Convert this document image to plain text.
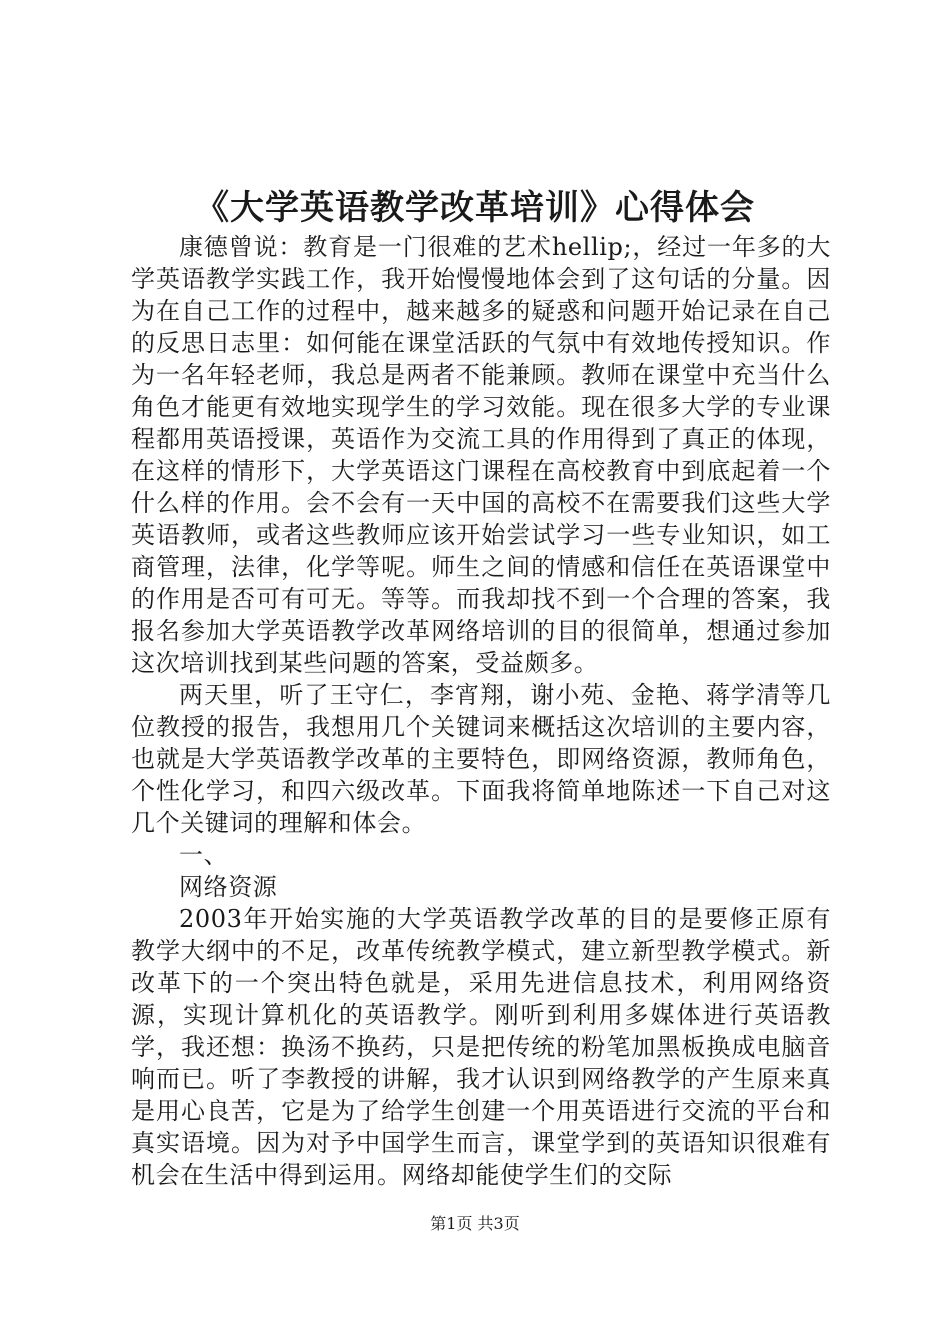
《大学英语教学改革培训》心得体会

康德曾说：教育是一门很难的艺术hellip;，经过一年多的大学英语教学实践工作，我开始慢慢地体会到了这句话的分量。因为在自己工作的过程中，越来越多的疑惑和问题开始记录在自己的反思日志里：如何能在课堂活跃的气氛中有效地传授知识。作为一名年轻老师，我总是两者不能兼顾。教师在课堂中充当什么角色才能更有效地实现学生的学习效能。现在很多大学的专业课程都用英语授课，英语作为交流工具的作用得到了真正的体现，在这样的情形下，大学英语这门课程在高校教育中到底起着一个什么样的作用。会不会有一天中国的高校不在需要我们这些大学英语教师，或者这些教师应该开始尝试学习一些专业知识，如工商管理，法律，化学等呢。师生之间的情感和信任在英语课堂中的作用是否可有可无。等等。而我却找不到一个合理的答案，我报名参加大学英语教学改革网络培训的目的很简单，想通过参加这次培训找到某些问题的答案，受益颇多。

两天里，听了王守仁，李宵翔，谢小苑、金艳、蒋学清等几位教授的报告，我想用几个关键词来概括这次培训的主要内容，也就是大学英语教学改革的主要特色，即网络资源，教师角色，个性化学习，和四六级改革。下面我将简单地陈述一下自己对这几个关键词的理解和体会。

一、

网络资源

2003年开始实施的大学英语教学改革的目的是要修正原有教学大纲中的不足，改革传统教学模式，建立新型教学模式。新改革下的一个突出特色就是，采用先进信息技术，利用网络资源，实现计算机化的英语教学。刚听到利用多媒体进行英语教学，我还想：换汤不换药，只是把传统的粉笔加黑板换成电脑音响而已。听了李教授的讲解，我才认识到网络教学的产生原来真是用心良苦，它是为了给学生创建一个用英语进行交流的平台和真实语境。因为对予中国学生而言，课堂学到的英语知识很难有机会在生活中得到运用。网络却能使学生们的交际

第1页 共3页
